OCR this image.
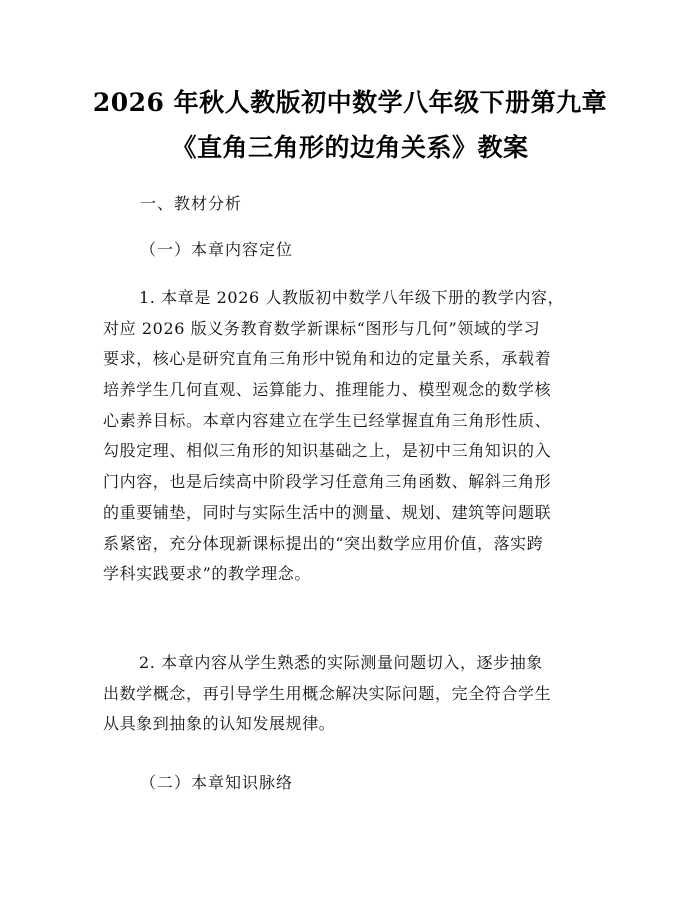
2026 年秋人教版初中数学八年级下册第九章
《直角三角形的边角关系》教案
一、教材分析
（一）本章内容定位
1. 本章是 2026 人教版初中数学八年级下册的教学内容，
对应 2026 版义务教育数学新课标“图形与几何”领域的学习
要求，核心是研究直角三角形中锐角和边的定量关系，承载着
培养学生几何直观、运算能力、推理能力、模型观念的数学核
心素养目标。本章内容建立在学生已经掌握直角三角形性质、
勾股定理、相似三角形的知识基础之上，是初中三角知识的入
门内容，也是后续高中阶段学习任意角三角函数、解斜三角形
的重要铺垫，同时与实际生活中的测量、规划、建筑等问题联
系紧密，充分体现新课标提出的“突出数学应用价值，落实跨
学科实践要求”的教学理念。
2. 本章内容从学生熟悉的实际测量问题切入，逐步抽象
出数学概念，再引导学生用概念解决实际问题，完全符合学生
从具象到抽象的认知发展规律。
（二）本章知识脉络
